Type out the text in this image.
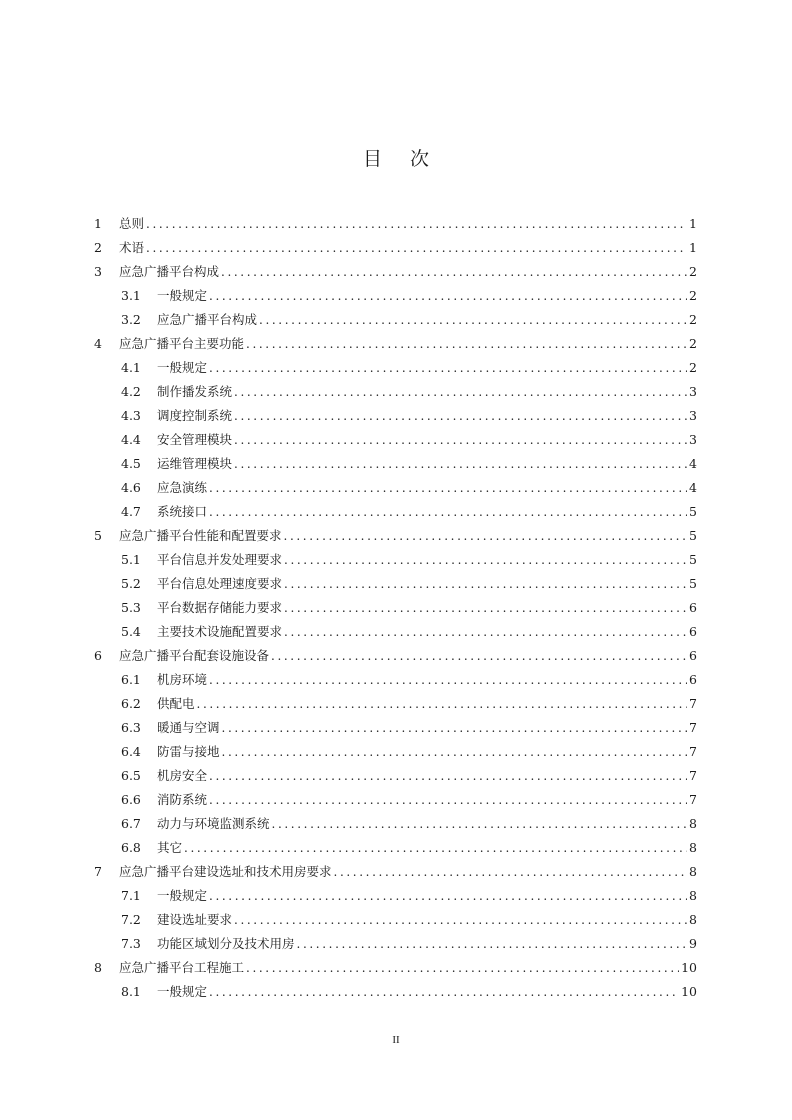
目 次
1	总则 . . .	1
2	术语 . . .	1
3	应急广播平台构成 . . .	2
3.1	一般规定 . . .	2
3.2	应急广播平台构成 . . .	2
4	应急广播平台主要功能 . . .	2
4.1	一般规定 . . .	2
4.2	制作播发系统 . . .	3
4.3	调度控制系统 . . .	3
4.4	安全管理模块 . . .	3
4.5	运维管理模块 . . .	4
4.6	应急演练 . . .	4
4.7	系统接口 . . .	5
5	应急广播平台性能和配置要求 . . .	5
5.1	平台信息并发处理要求 . . .	5
5.2	平台信息处理速度要求 . . .	5
5.3	平台数据存储能力要求 . . .	6
5.4	主要技术设施配置要求 . . .	6
6	应急广播平台配套设施设备 . . .	6
6.1	机房环境 . . .	6
6.2	供配电 . . .	7
6.3	暖通与空调 . . .	7
6.4	防雷与接地 . . .	7
6.5	机房安全 . . .	7
6.6	消防系统 . . .	7
6.7	动力与环境监测系统 . . .	8
6.8	其它 . . .	8
7	应急广播平台建设选址和技术用房要求 . . .	8
7.1	一般规定 . . .	8
7.2	建设选址要求 . . .	8
7.3	功能区域划分及技术用房 . . .	9
8	应急广播平台工程施工 . . .	10
8.1	一般规定 . . .	10
II
